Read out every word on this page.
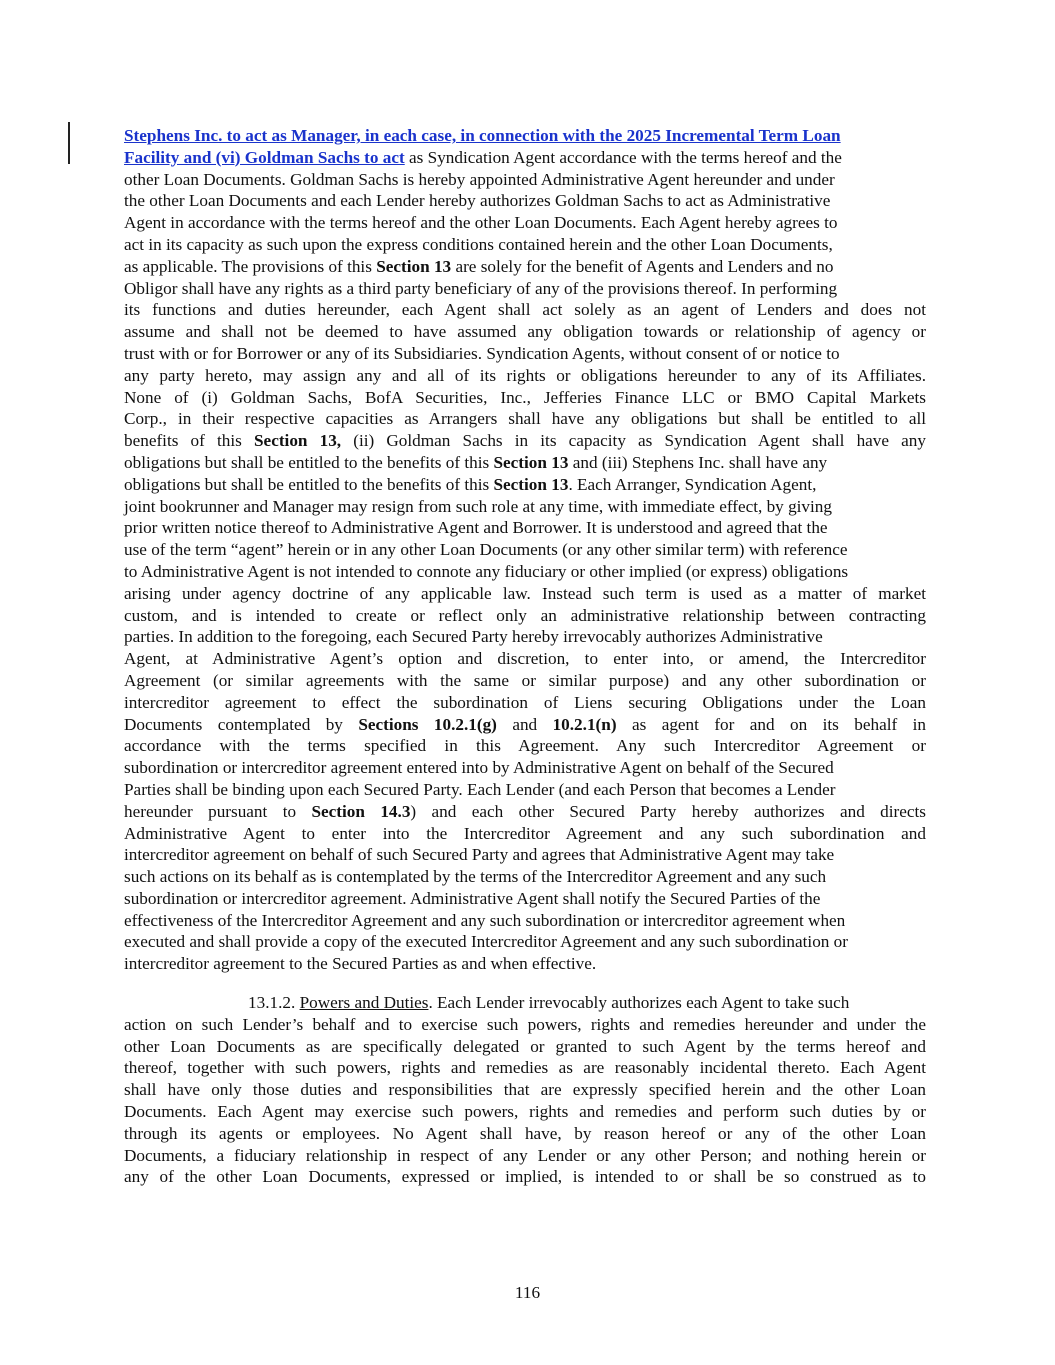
Stephens Inc. to act as Manager, in each case, in connection with the 2025 Incremental Term Loan
Facility and (vi) Goldman Sachs to act as Syndication Agent accordance with the terms hereof and the
other Loan Documents. Goldman Sachs is hereby appointed Administrative Agent hereunder and under
the other Loan Documents and each Lender hereby authorizes Goldman Sachs to act as Administrative
Agent in accordance with the terms hereof and the other Loan Documents. Each Agent hereby agrees to
act in its capacity as such upon the express conditions contained herein and the other Loan Documents,
as applicable. The provisions of this Section 13 are solely for the benefit of Agents and Lenders and no
Obligor shall have any rights as a third party beneficiary of any of the provisions thereof. In performing
its functions and duties hereunder, each Agent shall act solely as an agent of Lenders and does not
assume and shall not be deemed to have assumed any obligation towards or relationship of agency or
trust with or for Borrower or any of its Subsidiaries. Syndication Agents, without consent of or notice to
any party hereto, may assign any and all of its rights or obligations hereunder to any of its Affiliates.
None of (i) Goldman Sachs, BofA Securities, Inc., Jefferies Finance LLC or BMO Capital Markets
Corp., in their respective capacities as Arrangers shall have any obligations but shall be entitled to all
benefits of this Section 13, (ii) Goldman Sachs in its capacity as Syndication Agent shall have any
obligations but shall be entitled to the benefits of this Section 13 and (iii) Stephens Inc. shall have any
obligations but shall be entitled to the benefits of this Section 13. Each Arranger, Syndication Agent,
joint bookrunner and Manager may resign from such role at any time, with immediate effect, by giving
prior written notice thereof to Administrative Agent and Borrower. It is understood and agreed that the
use of the term “agent” herein or in any other Loan Documents (or any other similar term) with reference
to Administrative Agent is not intended to connote any fiduciary or other implied (or express) obligations
arising under agency doctrine of any applicable law. Instead such term is used as a matter of market
custom, and is intended to create or reflect only an administrative relationship between contracting
parties. In addition to the foregoing, each Secured Party hereby irrevocably authorizes Administrative
Agent, at Administrative Agent’s option and discretion, to enter into, or amend, the Intercreditor
Agreement (or similar agreements with the same or similar purpose) and any other subordination or
intercreditor agreement to effect the subordination of Liens securing Obligations under the Loan
Documents contemplated by Sections 10.2.1(g) and 10.2.1(n) as agent for and on its behalf in
accordance with the terms specified in this Agreement. Any such Intercreditor Agreement or
subordination or intercreditor agreement entered into by Administrative Agent on behalf of the Secured
Parties shall be binding upon each Secured Party. Each Lender (and each Person that becomes a Lender
hereunder pursuant to Section 14.3) and each other Secured Party hereby authorizes and directs
Administrative Agent to enter into the Intercreditor Agreement and any such subordination and
intercreditor agreement on behalf of such Secured Party and agrees that Administrative Agent may take
such actions on its behalf as is contemplated by the terms of the Intercreditor Agreement and any such
subordination or intercreditor agreement. Administrative Agent shall notify the Secured Parties of the
effectiveness of the Intercreditor Agreement and any such subordination or intercreditor agreement when
executed and shall provide a copy of the executed Intercreditor Agreement and any such subordination or
intercreditor agreement to the Secured Parties as and when effective.
13.1.2. Powers and Duties. Each Lender irrevocably authorizes each Agent to take such
action on such Lender’s behalf and to exercise such powers, rights and remedies hereunder and under the
other Loan Documents as are specifically delegated or granted to such Agent by the terms hereof and
thereof, together with such powers, rights and remedies as are reasonably incidental thereto. Each Agent
shall have only those duties and responsibilities that are expressly specified herein and the other Loan
Documents. Each Agent may exercise such powers, rights and remedies and perform such duties by or
through its agents or employees. No Agent shall have, by reason hereof or any of the other Loan
Documents, a fiduciary relationship in respect of any Lender or any other Person; and nothing herein or
any of the other Loan Documents, expressed or implied, is intended to or shall be so construed as to
116
